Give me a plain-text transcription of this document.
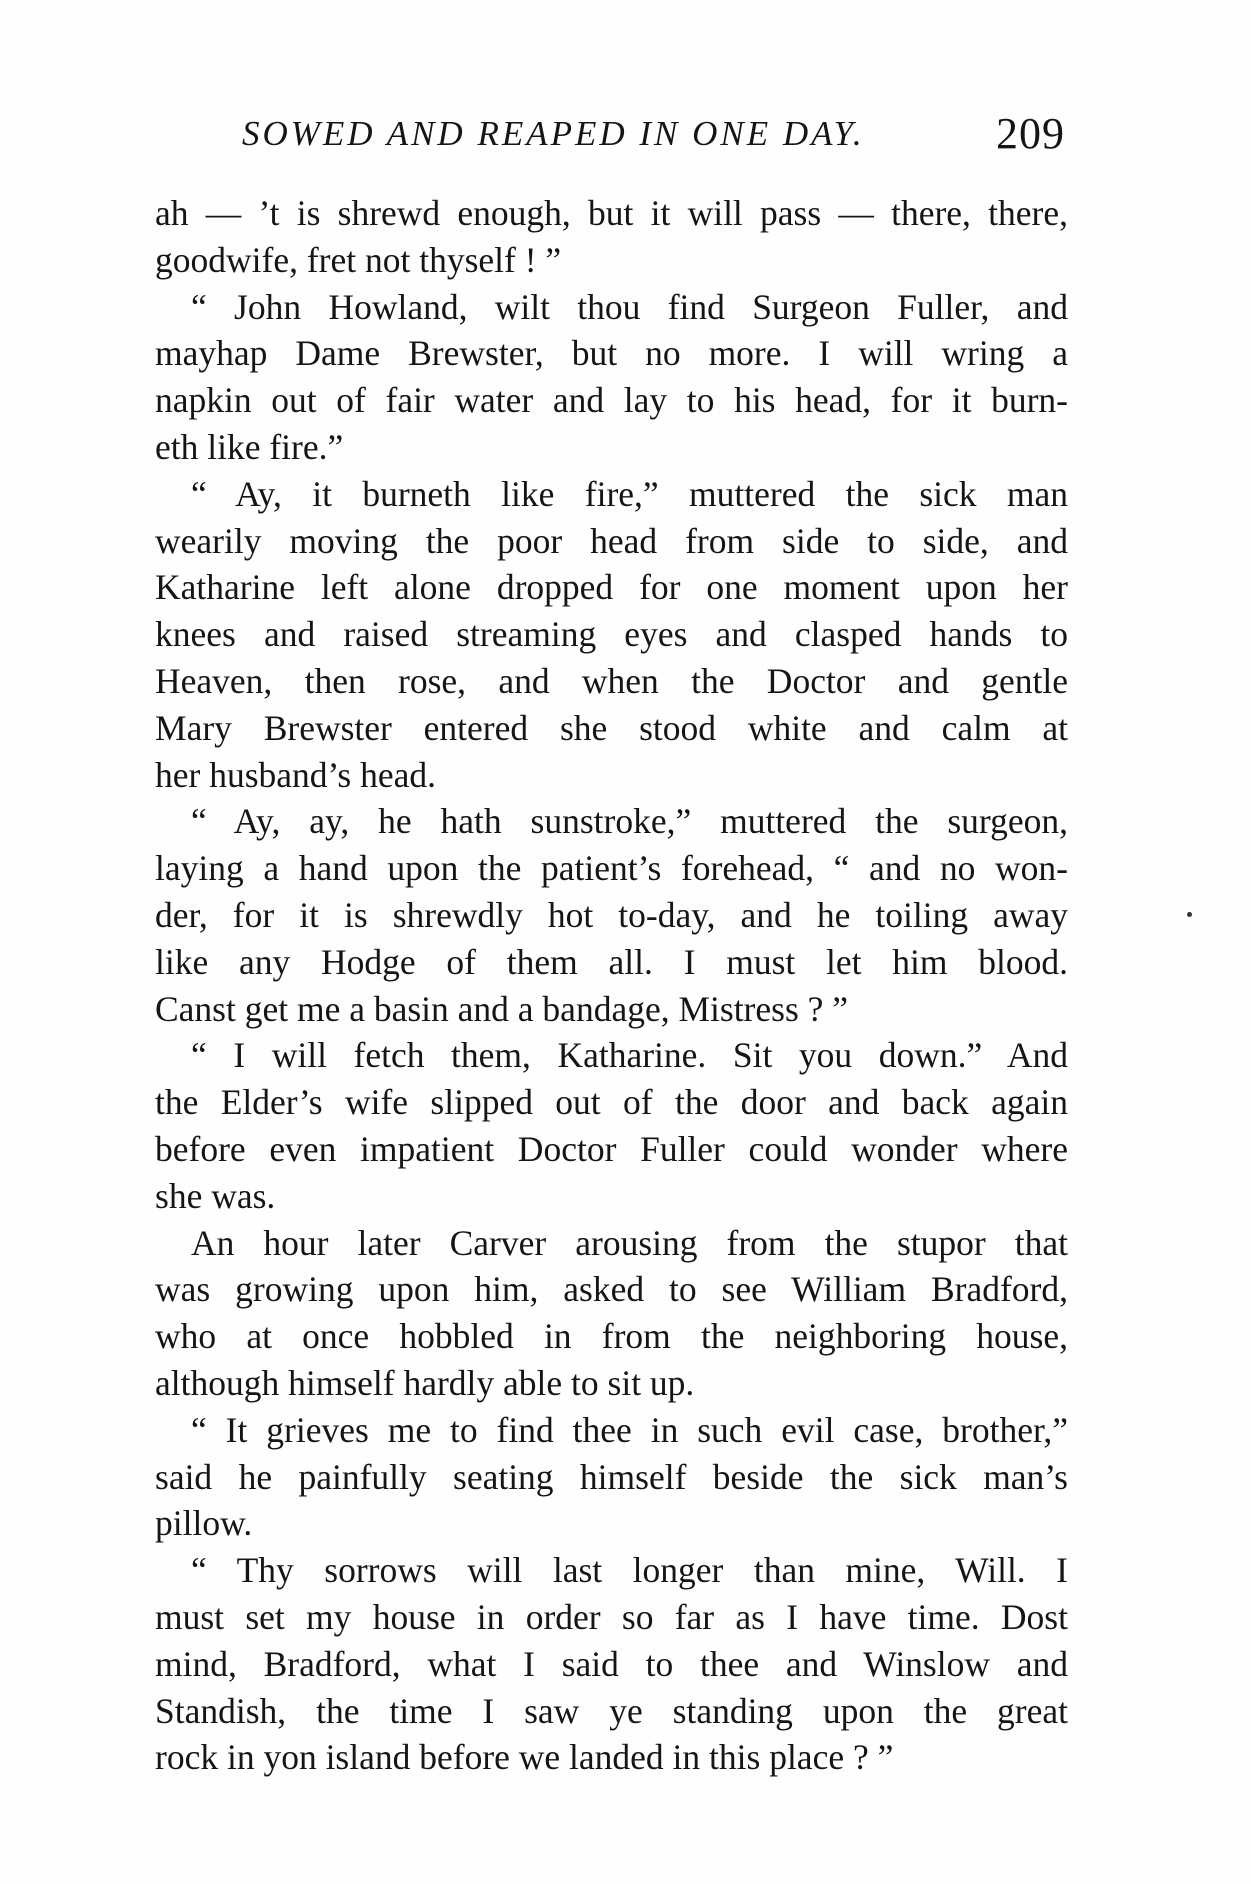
SOWED AND REAPED IN ONE DAY.	209
ah — ’t is shrewd enough, but it will pass — there, there,
goodwife, fret not thyself ! ”
“ John Howland, wilt thou find Surgeon Fuller, and
mayhap Dame Brewster, but no more. I will wring a
napkin out of fair water and lay to his head, for it burn-
eth like fire.”
“ Ay, it burneth like fire,” muttered the sick man
wearily moving the poor head from side to side, and
Katharine left alone dropped for one moment upon her
knees and raised streaming eyes and clasped hands to
Heaven, then rose, and when the Doctor and gentle
Mary Brewster entered she stood white and calm at
her husband’s head.
“ Ay, ay, he hath sunstroke,” muttered the surgeon,
laying a hand upon the patient’s forehead, “ and no won-
der, for it is shrewdly hot to-day, and he toiling away
like any Hodge of them all. I must let him blood.
Canst get me a basin and a bandage, Mistress ? ”
“ I will fetch them, Katharine. Sit you down.” And
the Elder’s wife slipped out of the door and back again
before even impatient Doctor Fuller could wonder where
she was.
An hour later Carver arousing from the stupor that
was growing upon him, asked to see William Bradford,
who at once hobbled in from the neighboring house,
although himself hardly able to sit up.
“ It grieves me to find thee in such evil case, brother,”
said he painfully seating himself beside the sick man’s
pillow.
“ Thy sorrows will last longer than mine, Will. I
must set my house in order so far as I have time. Dost
mind, Bradford, what I said to thee and Winslow and
Standish, the time I saw ye standing upon the great
rock in yon island before we landed in this place ? ”
